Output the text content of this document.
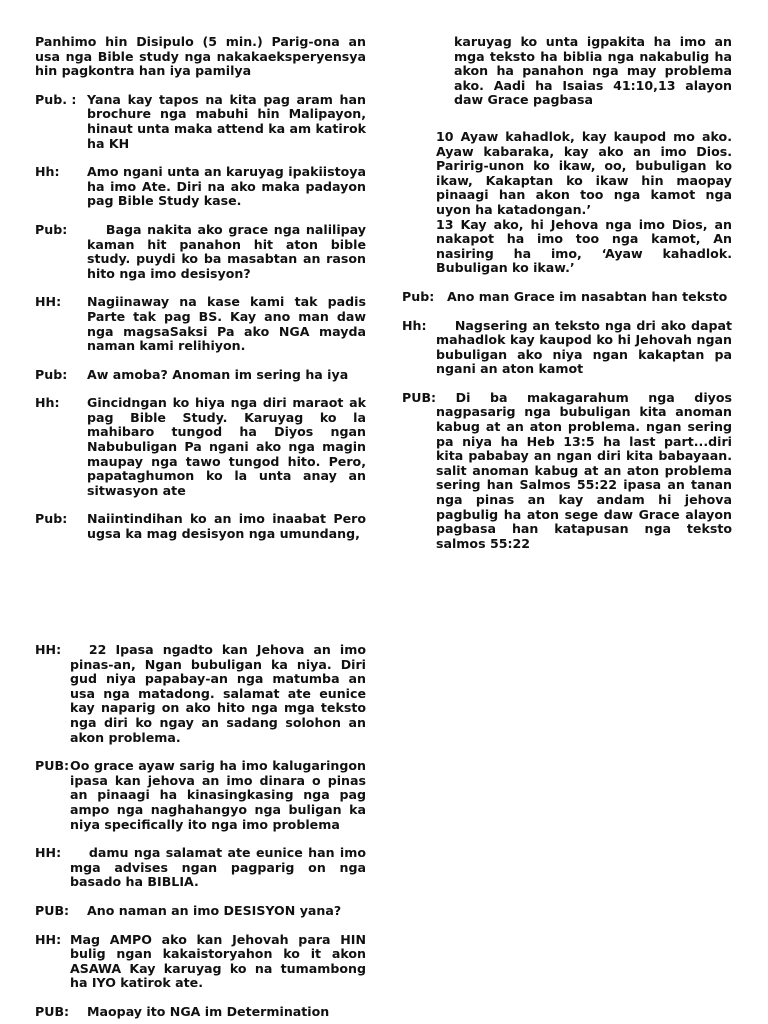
Panhimo hin Disipulo (5 min.) Parig-ona an usa nga Bible study nga nakakaeksperyensya hin pagkontra han iya pamilya

Pub. : Yana kay tapos na kita pag aram han brochure nga mabuhi hin Malipayon, hinaut unta maka attend ka am katirok ha KH
Hh:	Amo ngani unta an karuyag ipakiistoya ha imo Ate. Diri na ako maka padayon pag Bible Study kase.
Pub:	Baga nakita ako grace nga nalilipay kaman hit panahon hit aton bible study. puydi ko ba masabtan an rason hito nga imo desisyon?
HH:	Nagiinaway na kase kami tak padis Parte tak pag BS. Kay ano man daw nga magsaSaksi Pa ako NGA mayda naman kami relihiyon.
Pub:	Aw amoba? Anoman im sering ha iya
Hh:	Gincidngan ko hiya nga diri maraot ak pag Bible Study. Karuyag ko la mahibaro tungod ha Diyos ngan Nabubuligan Pa ngani ako nga magin maupay nga tawo tungod hito. Pero, papataghumon ko la unta anay an sitwasyon ate
Pub:	Naiintindihan ko an imo inaabat Pero ugsa ka mag desisyon nga umundang,

karuyag ko unta igpakita ha imo an mga teksto ha biblia nga nakabulig ha akon ha panahon nga may problema ako. Aadi ha Isaias 41:10,13 alayon daw Grace pagbasa

10 Ayaw kahadlok, kay kaupod mo ako. Ayaw kabaraka, kay ako an imo Dios. Paririg-unon ko ikaw, oo, bubuligan ko ikaw, Kakaptan ko ikaw hin maopay pinaagi han akon too nga kamot nga uyon ha katadongan.’

13 Kay ako, hi Jehova nga imo Dios, an nakapot ha imo too nga kamot, An nasiring ha imo, ‘Ayaw kahadlok. Bubuligan ko ikaw.’

Pub:	Ano man Grace im nasabtan han teksto
Hh:	Nagsering an teksto nga dri ako dapat mahadlok kay kaupod ko hi Jehovah ngan bubuligan ako niya ngan kakaptan pa ngani an aton kamot

PUB: Di ba makagarahum nga diyos nagpasarig nga bubuligan kita anoman kabug at an aton problema. ngan sering pa niya ha Heb 13:5 ha last part...diri kita pababay an ngan diri kita babayaan. salit anoman kabug at an aton problema sering han Salmos 55:22 ipasa an tanan nga pinas an kay andam hi jehova pagbulig ha aton sege daw Grace alayon pagbasa han katapusan nga teksto salmos 55:22

HH:	22 Ipasa ngadto kan Jehova an imo pinas-an, Ngan bubuligan ka niya. Diri gud niya papabay-an nga matumba an usa nga matadong. salamat ate eunice kay naparig on ako hito nga mga teksto nga diri ko ngay an sadang solohon an akon problema.
PUB: Oo grace ayaw sarig ha imo kalugaringon ipasa kan jehova an imo dinara o pinas an pinaagi ha kinasingkasing nga pag ampo nga naghahangyo nga buligan ka niya specifically ito nga imo problema
HH:	damu nga salamat ate eunice han imo mga advises ngan pagparig on nga basado ha BIBLIA.
PUB:	Ano naman an imo DESISYON yana?
HH: Mag AMPO ako kan Jehovah para HIN bulig ngan kakaistoryahon ko it akon ASAWA Kay karuyag ko na tumambong ha IYO katirok ate.
PUB:	Maopay ito NGA im Determination
